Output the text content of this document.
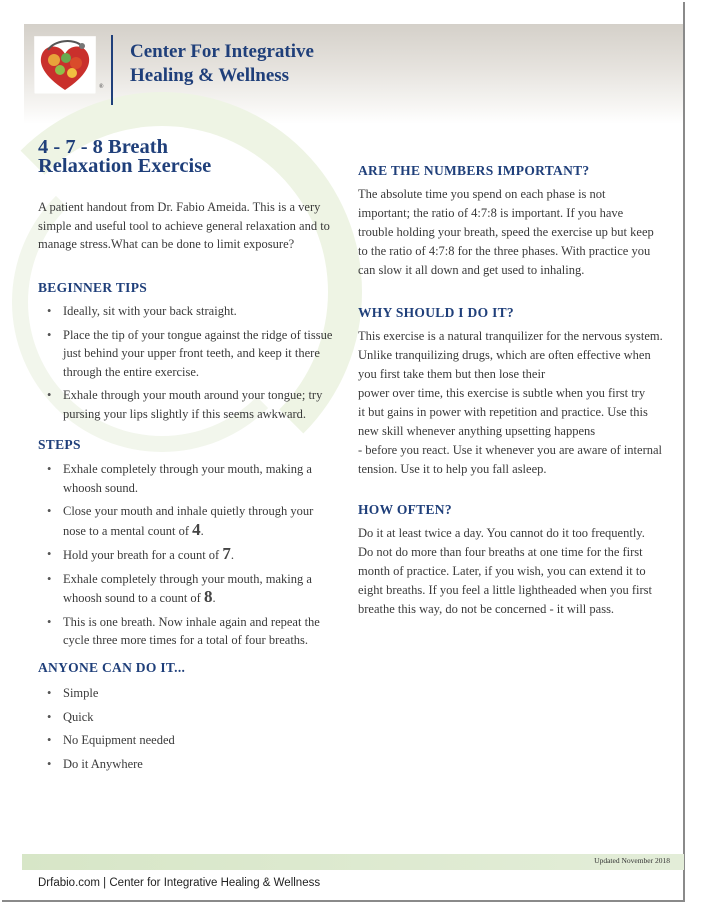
®
Center For Integrative
Healing & Wellness
4 - 7 - 8 Breath
Relaxation Exercise
A patient handout from Dr. Fabio Ameida. This is a very simple and useful tool to achieve general relaxation and to manage stress.What can be done to limit exposure?
BEGINNER TIPS
• Ideally, sit with your back straight.
• Place the tip of your tongue against the ridge of tissue just behind your upper front teeth, and keep it there through the entire exercise.
• Exhale through your mouth around your tongue; try pursing your lips slightly if this seems awkward.
STEPS
• Exhale completely through your mouth, making a whoosh sound.
• Close your mouth and inhale quietly through your nose to a mental count of 4.
• Hold your breath for a count of 7.
• Exhale completely through your mouth, making a whoosh sound to a count of 8.
• This is one breath. Now inhale again and repeat the cycle three more times for a total of four breaths.
ANYONE CAN DO IT...
• Simple
• Quick
• No Equipment needed
• Do it Anywhere
ARE THE NUMBERS IMPORTANT?
The absolute time you spend on each phase is not
important; the ratio of 4:7:8 is important. If you have
trouble holding your breath, speed the exercise up but keep
to the ratio of 4:7:8 for the three phases. With practice you
can slow it all down and get used to inhaling.
WHY SHOULD I DO IT?
This exercise is a natural tranquilizer for the nervous system.
Unlike tranquilizing drugs, which are often effective when
you first take them but then lose their
power over time, this exercise is subtle when you first try
it but gains in power with repetition and practice. Use this
new skill whenever anything upsetting happens
- before you react. Use it whenever you are aware of internal
tension. Use it to help you fall asleep.
HOW OFTEN?
Do it at least twice a day. You cannot do it too frequently.
Do not do more than four breaths at one time for the first
month of practice. Later, if you wish, you can extend it to
eight breaths. If you feel a little lightheaded when you first
breathe this way, do not be concerned - it will pass.
Updated November 2018
Drfabio.com | Center for Integrative Healing & Wellness
